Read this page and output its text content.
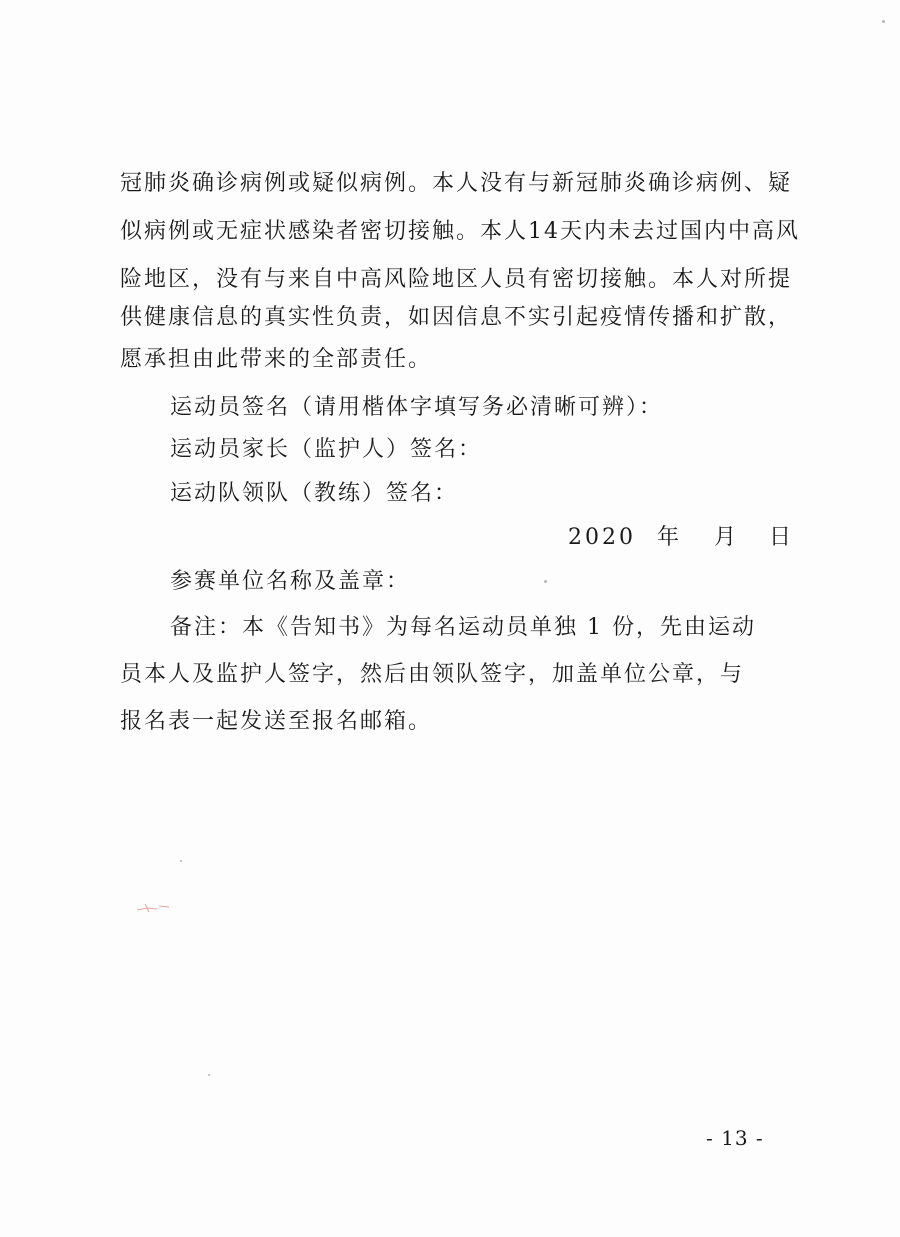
冠肺炎确诊病例或疑似病例。本人没有与新冠肺炎确诊病例、疑
似病例或无症状感染者密切接触。本人14天内未去过国内中高风
险地区，没有与来自中高风险地区人员有密切接触。本人对所提
供健康信息的真实性负责，如因信息不实引起疫情传播和扩散，
愿承担由此带来的全部责任。
运动员签名（请用楷体字填写务必清晰可辨）：
运动员家长（监护人）签名：
运动队领队（教练）签名：
2020 年 月 日
参赛单位名称及盖章：
备注：本《告知书》为每名运动员单独 1 份，先由运动
员本人及监护人签字，然后由领队签字，加盖单位公章，与
报名表一起发送至报名邮箱。
- 13 -
